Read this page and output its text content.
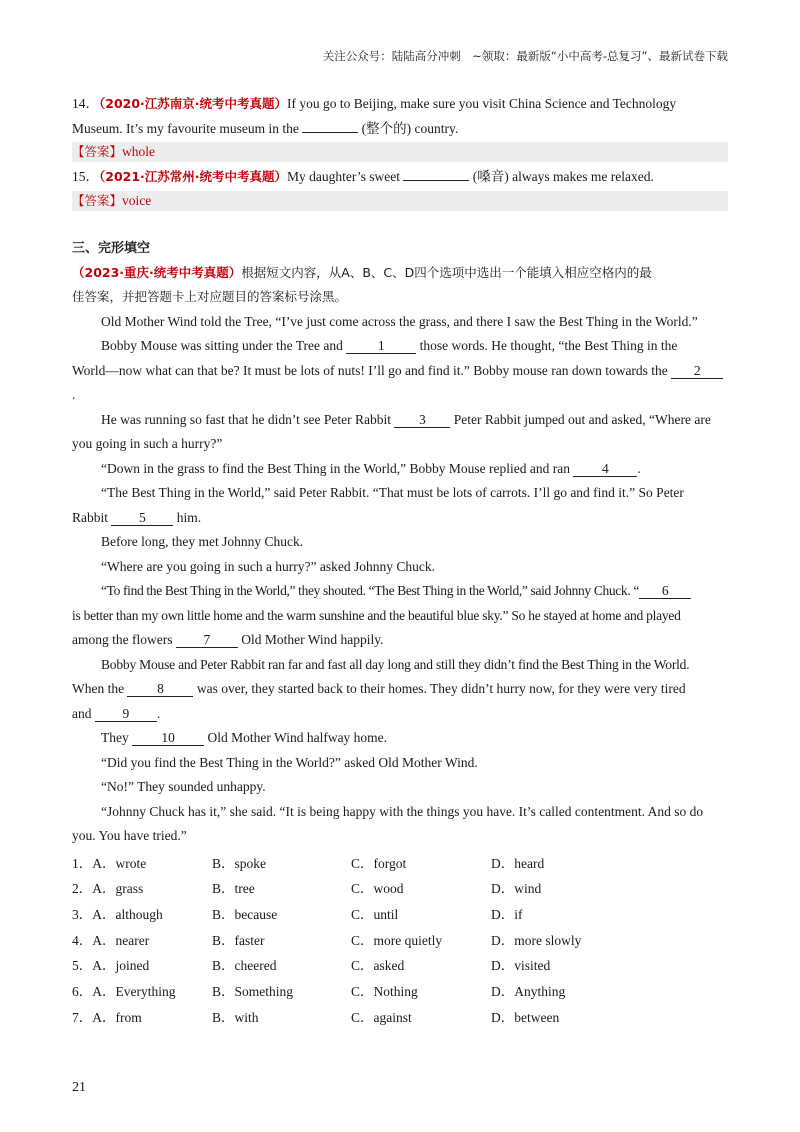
关注公众号：陆陆高分冲刺　~领取：最新版“小中高考-总复习”、最新试卷下载

14．（2020·江苏南京·统考中考真题）If you go to Beijing, make sure you visit China Science and Technology

Museum. It’s my favourite museum in the	(整个的) country.

【答案】whole

15．（2021·江苏常州·统考中考真题）My daughter’s sweet	(嗓音) always makes me relaxed.

【答案】voice
三、完形填空

（2023·重庆·统考中考真题）根据短文内容，从A、B、C、D四个选项中选出一个能填入相应空格内的最

佳答案，并把答题卡上对应题目的答案标号涂黑。

Old Mother Wind told the Tree, “I’ve just come across the grass, and there I saw the Best Thing in the World.”

Bobby Mouse was sitting under the Tree and	1	those words. He thought, “the Best Thing in the

World—now what can that be? It must be lots of nuts! I’ll go and find it.” Bobby mouse ran down towards the 2

.

He was running so fast that he didn’t see Peter Rabbit 3 Peter Rabbit jumped out and asked, “Where are

you going in such a hurry?”

“Down in the grass to find the Best Thing in the World,” Bobby Mouse replied and ran 4 .

“The Best Thing in the World,” said Peter Rabbit. “That must be lots of carrots. I’ll go and find it.” So Peter

Rabbit 5 him.

Before long, they met Johnny Chuck.

“Where are you going in such a hurry?” asked Johnny Chuck.

“To find the Best Thing in the World,” they shouted. “The Best Thing in the World,” said Johnny Chuck. “ 6

is better than my own little home and the warm sunshine and the beautiful blue sky.” So he stayed at home and played

among the flowers 7 Old Mother Wind happily.

Bobby Mouse and Peter Rabbit ran far and fast all day long and still they didn’t find the Best Thing in the World.

When the 8 was over, they started back to their homes. They didn’t hurry now, for they were very tired

and 9 .

They 10 Old Mother Wind halfway home.

“Did you find the Best Thing in the World?” asked Old Mother Wind.

“No!” They sounded unhappy.

“Johnny Chuck has it,” she said. “It is being happy with the things you have. It’s called contentment. And so do

you. You have tried.”

1．A．wrote	B．spoke	C．forgot	D．heard
2．A．grass	B．tree	C．wood	D．wind
3．A．although	B．because	C．until	D．if
4．A．nearer	B．faster	C．more quietly	D．more slowly
5．A．joined	B．cheered	C．asked	D．visited
6．A．Everything	B．Something	C．Nothing	D．Anything
7．A．from	B．with	C．against	D．between
21
